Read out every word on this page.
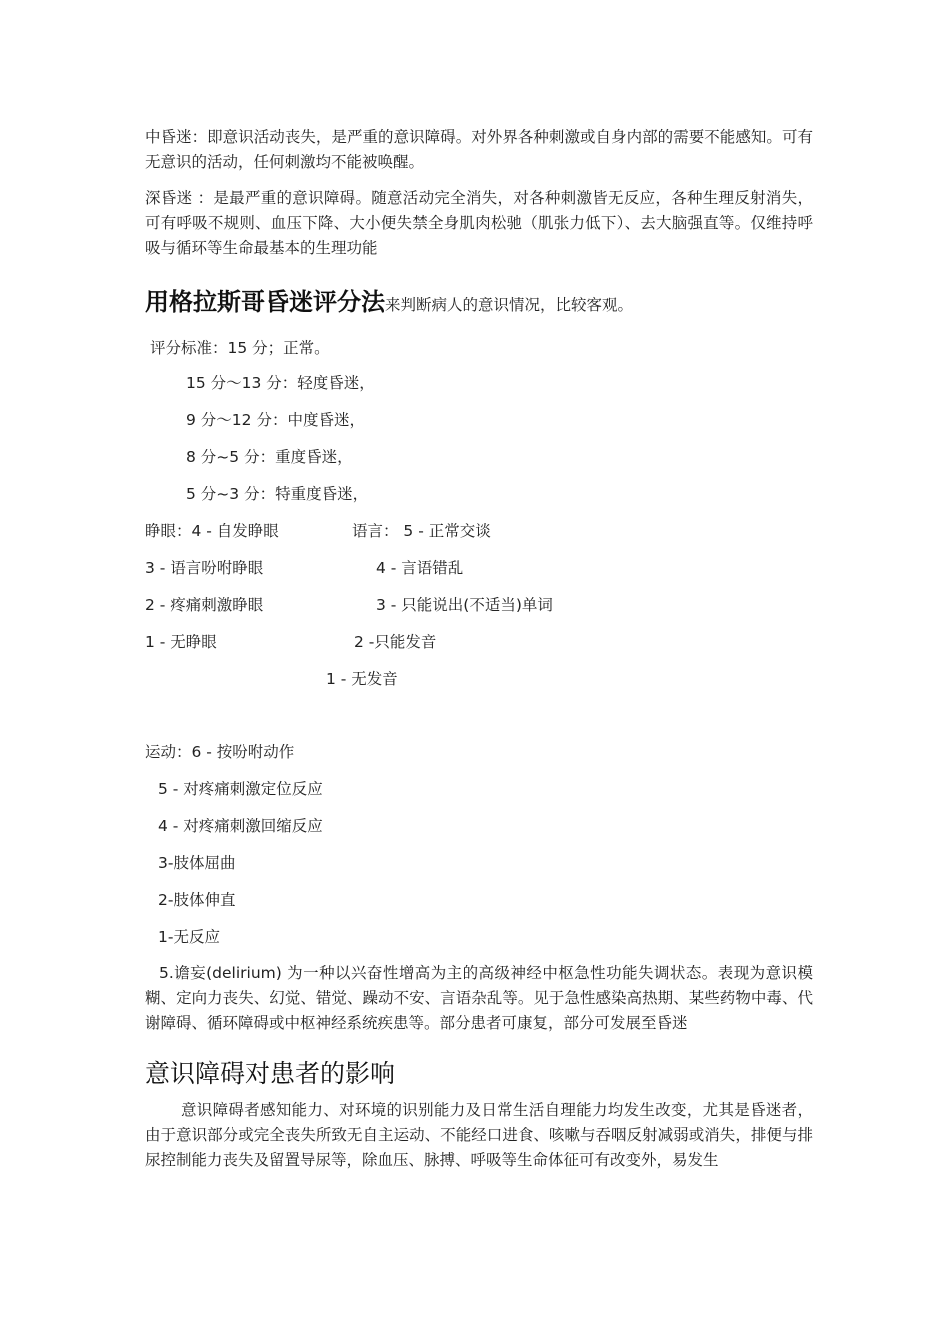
中昏迷：即意识活动丧失，是严重的意识障碍。对外界各种刺激或自身内部的需要不能感知。可有无意识的活动，任何刺激均不能被唤醒。

深昏迷 ：是最严重的意识障碍。随意活动完全消失，对各种刺激皆无反应，各种生理反射消失，可有呼吸不规则、血压下降、大小便失禁全身肌肉松驰（肌张力低下）、去大脑强直等。仅维持呼吸与循环等生命最基本的生理功能

用格拉斯哥昏迷评分法来判断病人的意识情况，比较客观。

评分标准：15 分；正常。

15 分～13 分：轻度昏迷，

9 分～12 分：中度昏迷，

8 分~5 分：重度昏迷，

5 分~3 分：特重度昏迷，

睁眼：4 - 自发睁眼	语言： 5 - 正常交谈

3 - 语言吩咐睁眼	4 - 言语错乱

2 - 疼痛刺激睁眼	3 - 只能说出(不适当)单词

1 - 无睁眼	2 -只能发音

1 - 无发音

运动：6 - 按吩咐动作

5 - 对疼痛刺激定位反应

4 - 对疼痛刺激回缩反应

3-肢体屈曲

2-肢体伸直

1-无反应

5.谵妄(delirium) 为一种以兴奋性增高为主的高级神经中枢急性功能失调状态。表现为意识模糊、定向力丧失、幻觉、错觉、躁动不安、言语杂乱等。见于急性感染高热期、某些药物中毒、代谢障碍、循环障碍或中枢神经系统疾患等。部分患者可康复，部分可发展至昏迷

意识障碍对患者的影响

意识障碍者感知能力、对环境的识别能力及日常生活自理能力均发生改变，尤其是昏迷者，由于意识部分或完全丧失所致无自主运动、不能经口进食、咳嗽与吞咽反射减弱或消失，排便与排尿控制能力丧失及留置导尿等，除血压、脉搏、呼吸等生命体征可有改变外，易发生
